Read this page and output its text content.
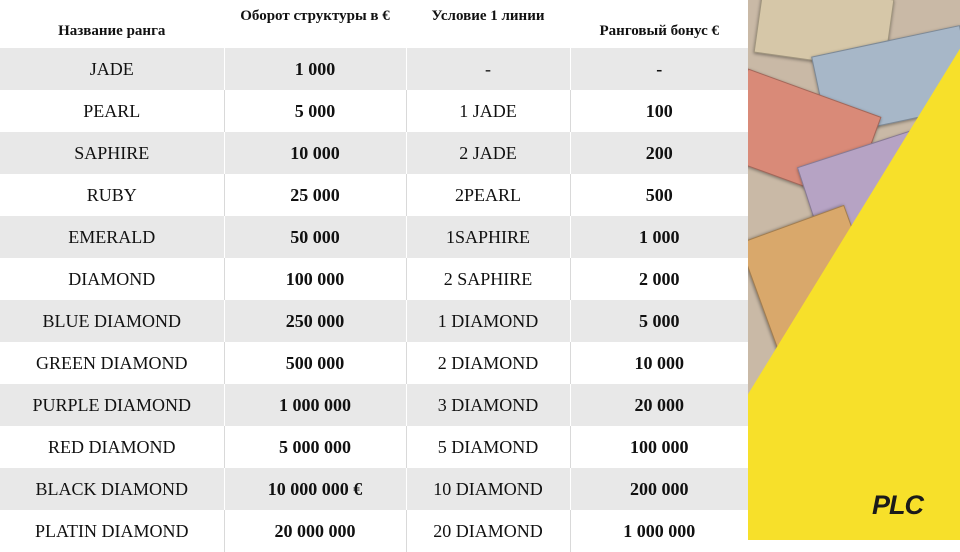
PLC
Название ранга	Оборот структуры в €	Условие 1 линии	Ранговый бонус €
JADE	1 000	-	-
PEARL	5 000	1 JADE	100
SAPHIRE	10 000	2 JADE	200
RUBY	25 000	2PEARL	500
EMERALD	50 000	1SAPHIRE	1 000
DIAMOND	100 000	2 SAPHIRE	2 000
BLUE DIAMOND	250 000	1 DIAMOND	5 000
GREEN DIAMOND	500 000	2 DIAMOND	10 000
PURPLE DIAMOND	1 000 000	3 DIAMOND	20 000
RED DIAMOND	5 000 000	5 DIAMOND	100 000
BLACK DIAMOND	10 000 000 €	10 DIAMOND	200 000
PLATIN DIAMOND	20 000 000	20 DIAMOND	1 000 000
